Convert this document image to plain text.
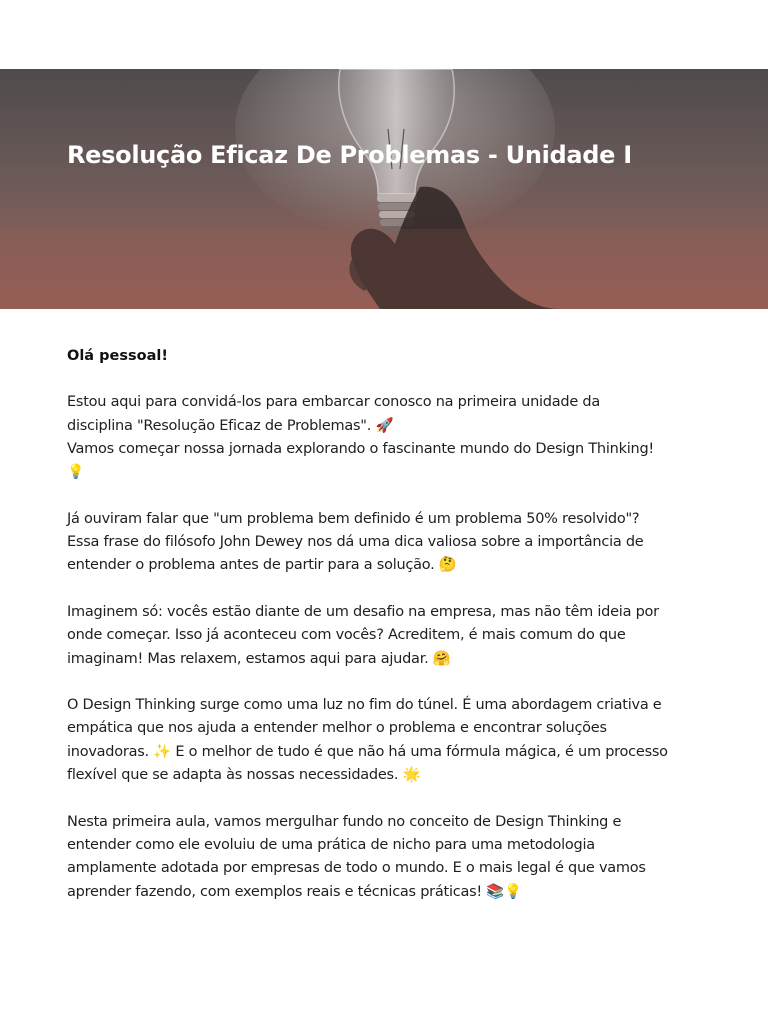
Resolução Eficaz De Problemas - Unidade I

Olá pessoal!

Estou aqui para convidá-los para embarcar conosco na primeira unidade da
disciplina "Resolução Eficaz de Problemas". 🚀
Vamos começar nossa jornada explorando o fascinante mundo do Design Thinking!
💡

Já ouviram falar que "um problema bem definido é um problema 50% resolvido"?
Essa frase do filósofo John Dewey nos dá uma dica valiosa sobre a importância de
entender o problema antes de partir para a solução. 🤔

Imaginem só: vocês estão diante de um desafio na empresa, mas não têm ideia por
onde começar. Isso já aconteceu com vocês? Acreditem, é mais comum do que
imaginam! Mas relaxem, estamos aqui para ajudar. 🤗

O Design Thinking surge como uma luz no fim do túnel. É uma abordagem criativa e
empática que nos ajuda a entender melhor o problema e encontrar soluções
inovadoras. ✨ E o melhor de tudo é que não há uma fórmula mágica, é um processo
flexível que se adapta às nossas necessidades. 🌟

Nesta primeira aula, vamos mergulhar fundo no conceito de Design Thinking e
entender como ele evoluiu de uma prática de nicho para uma metodologia
amplamente adotada por empresas de todo o mundo. E o mais legal é que vamos
aprender fazendo, com exemplos reais e técnicas práticas! 📚💡
